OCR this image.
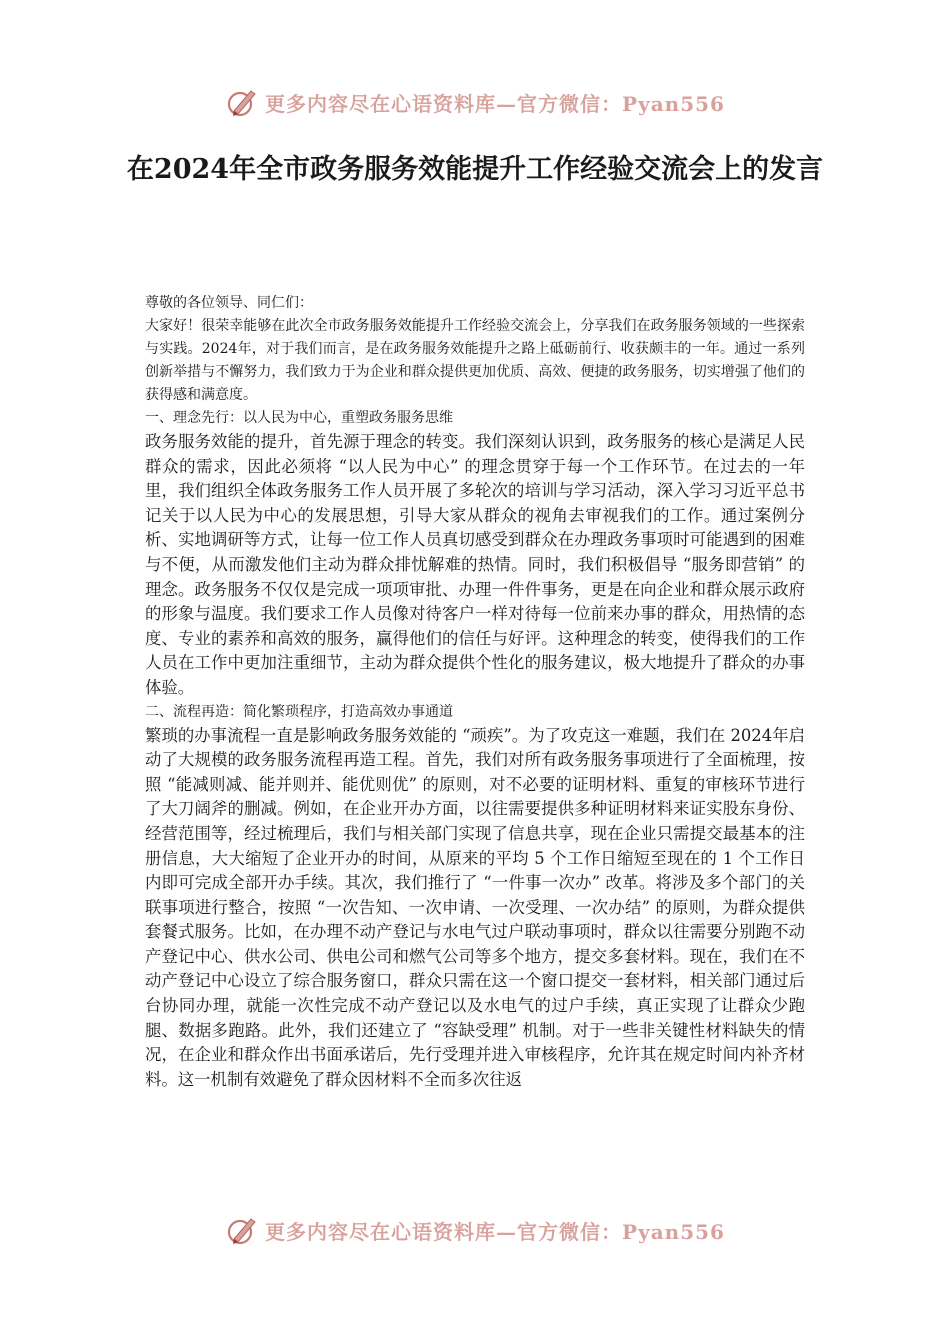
更多内容尽在心语资料库—官方微信：Pyan556
在2024年全市政务服务效能提升工作经验交流会上的发言

尊敬的各位领导、同仁们：

大家好！很荣幸能够在此次全市政务服务效能提升工作经验交流会上，分享我们在政务服务领域的一些探索与实践。2024年，对于我们而言，是在政务服务效能提升之路上砥砺前行、收获颇丰的一年。通过一系列创新举措与不懈努力，我们致力于为企业和群众提供更加优质、高效、便捷的政务服务，切实增强了他们的获得感和满意度。

一、理念先行：以人民为中心，重塑政务服务思维

政务服务效能的提升，首先源于理念的转变。我们深刻认识到，政务服务的核心是满足人民群众的需求，因此必须将 “以人民为中心” 的理念贯穿于每一个工作环节。在过去的一年里，我们组织全体政务服务工作人员开展了多轮次的培训与学习活动，深入学习习近平总书记关于以人民为中心的发展思想，引导大家从群众的视角去审视我们的工作。通过案例分析、实地调研等方式，让每一位工作人员真切感受到群众在办理政务事项时可能遇到的困难与不便，从而激发他们主动为群众排忧解难的热情。同时，我们积极倡导 “服务即营销” 的理念。政务服务不仅仅是完成一项项审批、办理一件件事务，更是在向企业和群众展示政府的形象与温度。我们要求工作人员像对待客户一样对待每一位前来办事的群众，用热情的态度、专业的素养和高效的服务，赢得他们的信任与好评。这种理念的转变，使得我们的工作人员在工作中更加注重细节，主动为群众提供个性化的服务建议，极大地提升了群众的办事体验。

二、流程再造：简化繁琐程序，打造高效办事通道

繁琐的办事流程一直是影响政务服务效能的 “顽疾”。为了攻克这一难题，我们在 2024年启动了大规模的政务服务流程再造工程。首先，我们对所有政务服务事项进行了全面梳理，按照 “能减则减、能并则并、能优则优” 的原则，对不必要的证明材料、重复的审核环节进行了大刀阔斧的删减。例如，在企业开办方面，以往需要提供多种证明材料来证实股东身份、经营范围等，经过梳理后，我们与相关部门实现了信息共享，现在企业只需提交最基本的注册信息，大大缩短了企业开办的时间，从原来的平均 5 个工作日缩短至现在的 1 个工作日内即可完成全部开办手续。其次，我们推行了 “一件事一次办” 改革。将涉及多个部门的关联事项进行整合，按照 “一次告知、一次申请、一次受理、一次办结” 的原则，为群众提供套餐式服务。比如，在办理不动产登记与水电气过户联动事项时，群众以往需要分别跑不动产登记中心、供水公司、供电公司和燃气公司等多个地方，提交多套材料。现在，我们在不动产登记中心设立了综合服务窗口，群众只需在这一个窗口提交一套材料，相关部门通过后台协同办理，就能一次性完成不动产登记以及水电气的过户手续，真正实现了让群众少跑腿、数据多跑路。此外，我们还建立了 “容缺受理” 机制。对于一些非关键性材料缺失的情况，在企业和群众作出书面承诺后，先行受理并进入审核程序，允许其在规定时间内补齐材料。这一机制有效避免了群众因材料不全而多次往返

更多内容尽在心语资料库—官方微信：Pyan556
